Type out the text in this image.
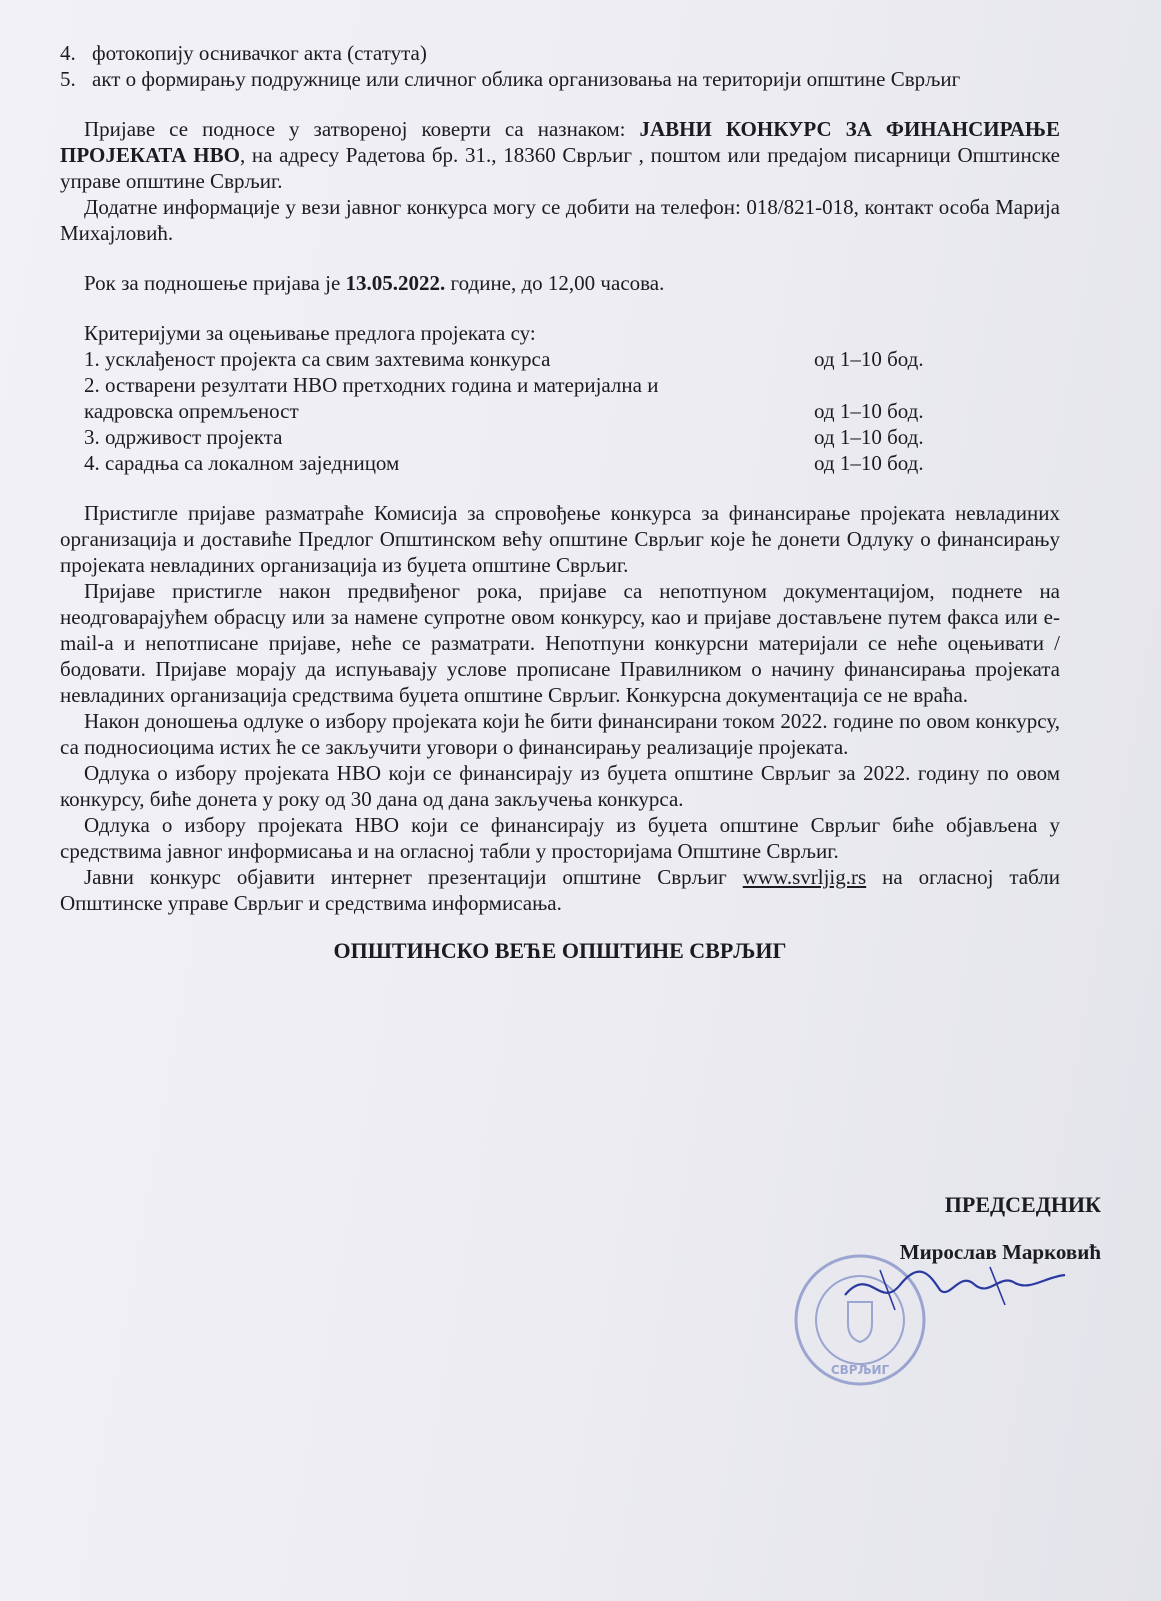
4. фотокопију оснивачког акта (статута)
5. акт о формирању подружнице или сличног облика организовања на територији општине Сврљиг

Пријаве се подносе у затвореној коверти са назнаком: ЈАВНИ КОНКУРС ЗА ФИНАНСИРАЊЕ ПРОЈЕКАТА НВО, на адресу Радетова бр. 31., 18360 Сврљиг , поштом или предајом писарници Општинске управе општине Сврљиг.

Додатне информације у вези јавног конкурса могу се добити на телефон: 018/821-018, контакт особа Марија Михајловић.

Рок за подношење пријава је 13.05.2022. године, до 12,00 часова.

Критеријуми за оцењивање предлога пројеката су:
1. усклађеност пројекта са свим захтевима конкурса	од 1–10 бод.
2. остварени резултати НВО претходних година и материјална и
кадровска опремљеност	од 1–10 бод.
3. одрживост пројекта	од 1–10 бод.
4. сарадња са локалном заједницом	од 1–10 бод.

Пристигле пријаве разматраће Комисија за спровођење конкурса за финансирање пројеката невладиних организација и доставиће Предлог Општинском већу општине Сврљиг које ће донети Одлуку о финансирању пројеката невладиних организација из буџета општине Сврљиг.

Пријаве пристигле након предвиђеног рока, пријаве са непотпуном документацијом, поднете на неодговарајућем обрасцу или за намене супротне овом конкурсу, као и пријаве достављене путем факса или e-mail-a и непотписане пријаве, неће се разматрати. Непотпуни конкурсни материјали се неће оцењивати / бодовати. Пријаве морају да испуњавају услове прописане Правилником о начину финансирања пројеката невладиних организација средствима буџета општине Сврљиг. Конкурсна документација се не враћа.

Након доношења одлуке о избору пројеката који ће бити финансирани током 2022. године по овом конкурсу, са подносиоцима истих ће се закључити уговори о финансирању реализације пројеката.

Одлука о избору пројеката НВО који се финансирају из буџета општине Сврљиг за 2022. годину по овом конкурсу, биће донета у року од 30 дана од дана закључења конкурса.

Одлука о избору пројеката НВО који се финансирају из буџета општине Сврљиг биће објављена у средствима јавног информисања и на огласној табли у просторијама Општине Сврљиг.

Јавни конкурс објавити интернет презентацији општине Сврљиг www.svrljig.rs на огласној табли Општинске управе Сврљиг и средствима информисања.

ОПШТИНСКО ВЕЋЕ ОПШТИНЕ СВРЉИГ
ПРЕДСЕДНИК
Мирослав Марковић
СВРЉИГ
